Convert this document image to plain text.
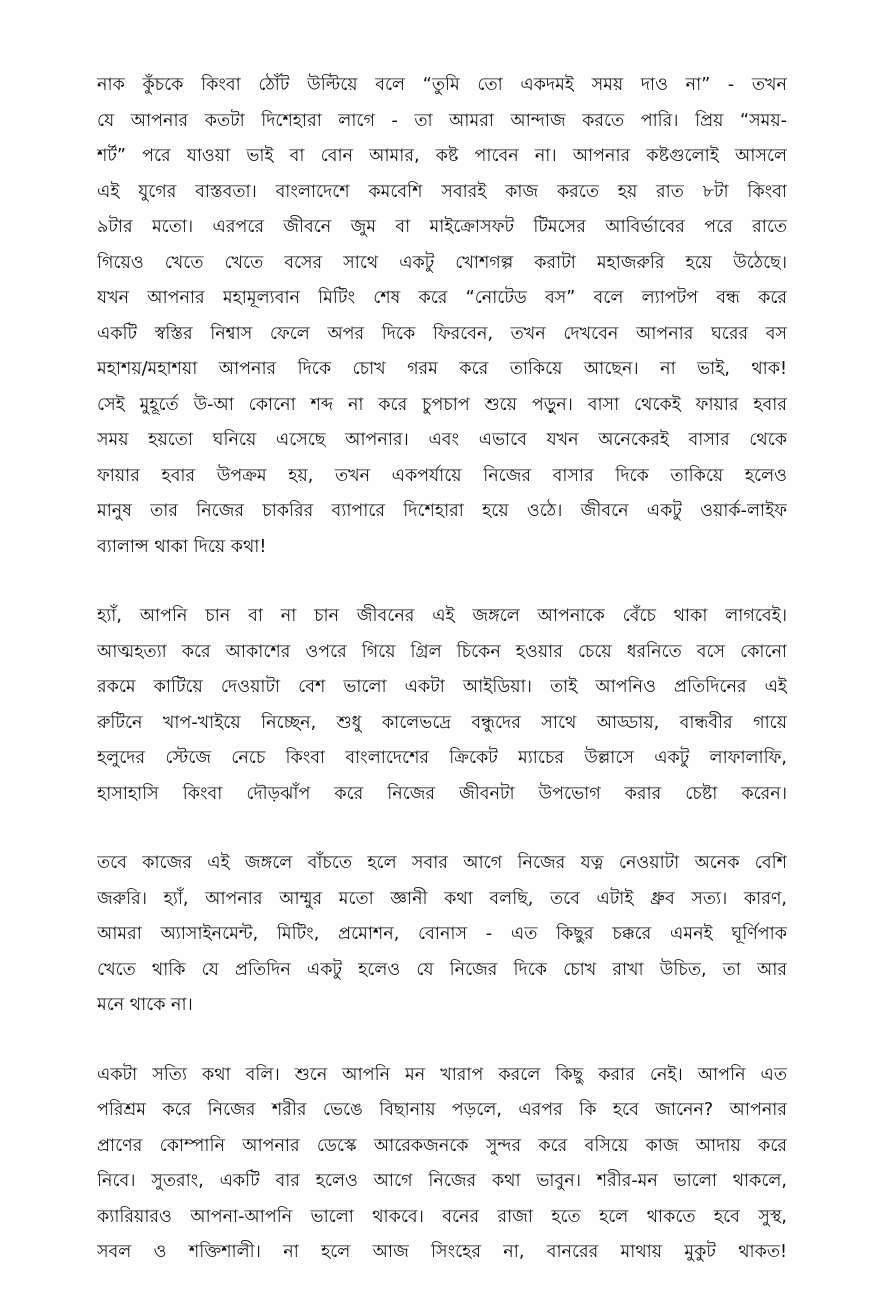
নাক কুঁচকে কিংবা ঠোঁট উল্টিয়ে বলে “তুমি তো একদমই সময় দাও না” - তখন
যে আপনার কতটা দিশেহারা লাগে - তা আমরা আন্দাজ করতে পারি। প্রিয় “সময়-
শর্ট” পরে যাওয়া ভাই বা বোন আমার, কষ্ট পাবেন না। আপনার কষ্টগুলোই আসলে
এই যুগের বাস্তবতা। বাংলাদেশে কমবেশি সবারই কাজ করতে হয় রাত ৮টা কিংবা
৯টার মতো। এরপরে জীবনে জুম বা মাইক্রোসফট টিমসের আবির্ভাবের পরে রাতে
গিয়েও খেতে খেতে বসের সাথে একটু খোশগল্প করাটা মহাজরুরি হয়ে উঠেছে।
যখন আপনার মহামূল্যবান মিটিং শেষ করে “নোটেড বস” বলে ল্যাপটপ বন্ধ করে
একটি স্বস্তির নিশ্বাস ফেলে অপর দিকে ফিরবেন, তখন দেখবেন আপনার ঘরের বস
মহাশয়/মহাশয়া আপনার দিকে চোখ গরম করে তাকিয়ে আছেন। না ভাই, থাক!
সেই মুহূর্তে উ-আ কোনো শব্দ না করে চুপচাপ শুয়ে পড়ুন। বাসা থেকেই ফায়ার হবার
সময় হয়তো ঘনিয়ে এসেছে আপনার। এবং এভাবে যখন অনেকেরই বাসার থেকে
ফায়ার হবার উপক্রম হয়, তখন একপর্যায়ে নিজের বাসার দিকে তাকিয়ে হলেও
মানুষ তার নিজের চাকরির ব্যাপারে দিশেহারা হয়ে ওঠে। জীবনে একটু ওয়ার্ক-লাইফ
ব্যালান্স থাকা দিয়ে কথা!
হ্যাঁ, আপনি চান বা না চান জীবনের এই জঙ্গলে আপনাকে বেঁচে থাকা লাগবেই।
আত্মহত্যা করে আকাশের ওপরে গিয়ে গ্রিল চিকেন হওয়ার চেয়ে ধরনিতে বসে কোনো
রকমে কাটিয়ে দেওয়াটা বেশ ভালো একটা আইডিয়া। তাই আপনিও প্রতিদিনের এই
রুটিনে খাপ-খাইয়ে নিচ্ছেন, শুধু কালেভদ্রে বন্ধুদের সাথে আড্ডায়, বান্ধবীর গায়ে
হলুদের স্টেজে নেচে কিংবা বাংলাদেশের ক্রিকেট ম্যাচের উল্লাসে একটু লাফালাফি,
হাসাহাসি কিংবা দৌড়ঝাঁপ করে নিজের জীবনটা উপভোগ করার চেষ্টা করেন।
তবে কাজের এই জঙ্গলে বাঁচতে হলে সবার আগে নিজের যত্ন নেওয়াটা অনেক বেশি
জরুরি। হ্যাঁ, আপনার আম্মুর মতো জ্ঞানী কথা বলছি, তবে এটাই ধ্রুব সত্য। কারণ,
আমরা অ্যাসাইনমেন্ট, মিটিং, প্রমোশন, বোনাস - এত কিছুর চক্করে এমনই ঘূর্ণিপাক
খেতে থাকি যে প্রতিদিন একটু হলেও যে নিজের দিকে চোখ রাখা উচিত, তা আর
মনে থাকে না।
একটা সত্যি কথা বলি। শুনে আপনি মন খারাপ করলে কিছু করার নেই। আপনি এত
পরিশ্রম করে নিজের শরীর ভেঙে বিছানায় পড়লে, এরপর কি হবে জানেন? আপনার
প্রাণের কোম্পানি আপনার ডেস্কে আরেকজনকে সুন্দর করে বসিয়ে কাজ আদায় করে
নিবে। সুতরাং, একটি বার হলেও আগে নিজের কথা ভাবুন। শরীর-মন ভালো থাকলে,
ক্যারিয়ারও আপনা-আপনি ভালো থাকবে। বনের রাজা হতে হলে থাকতে হবে সুস্থ,
সবল ও শক্তিশালী। না হলে আজ সিংহের না, বানরের মাথায় মুকুট থাকত!
